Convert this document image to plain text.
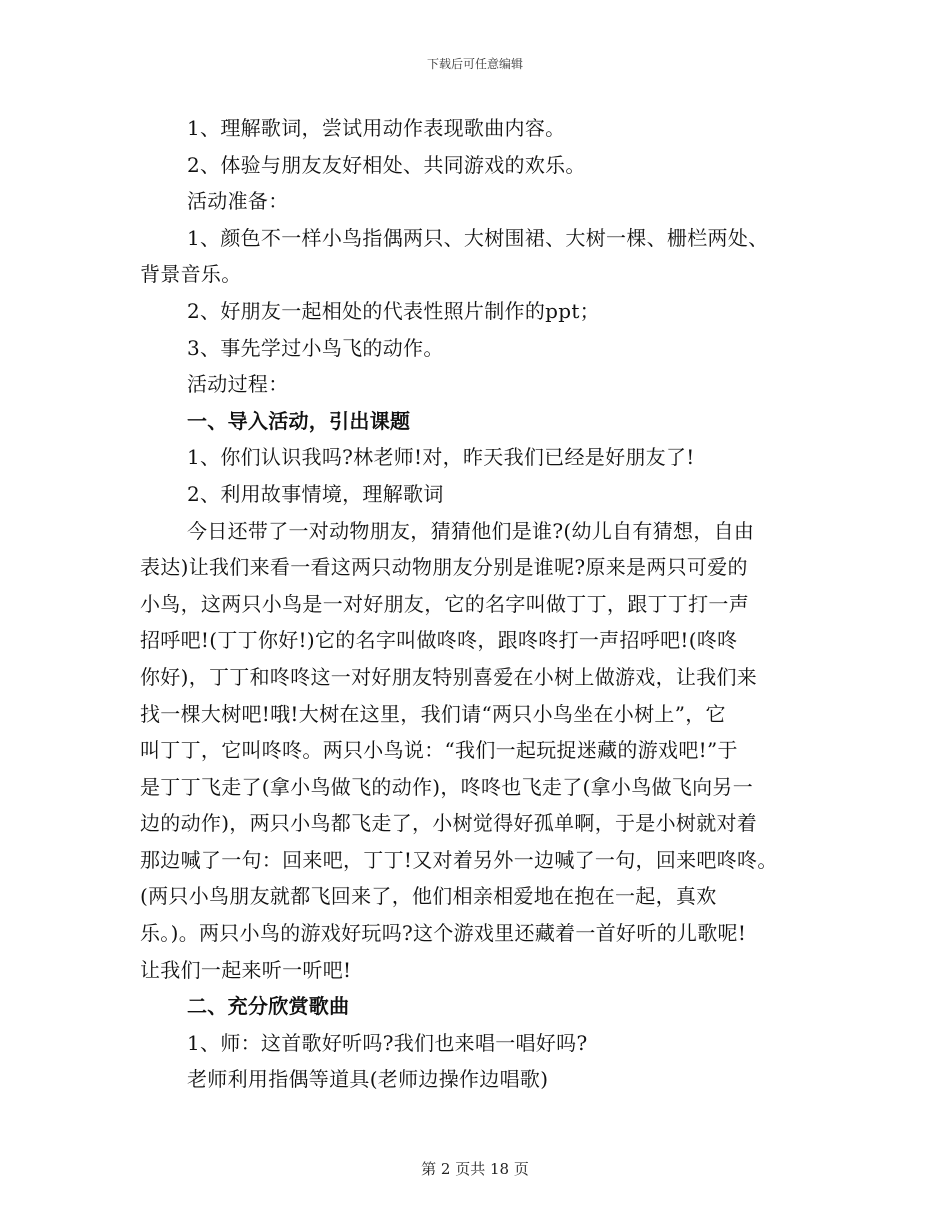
下载后可任意编辑

1、理解歌词，尝试用动作表现歌曲内容。

2、体验与朋友友好相处、共同游戏的欢乐。

活动准备：

1、颜色不一样小鸟指偶两只、大树围裙、大树一棵、栅栏两处、

背景音乐。

2、好朋友一起相处的代表性照片制作的ppt；

3、事先学过小鸟飞的动作。

活动过程：

一、导入活动，引出课题

1、你们认识我吗?林老师!对，昨天我们已经是好朋友了!

2、利用故事情境，理解歌词

今日还带了一对动物朋友，猜猜他们是谁?(幼儿自有猜想，自由

表达)让我们来看一看这两只动物朋友分别是谁呢?原来是两只可爱的

小鸟，这两只小鸟是一对好朋友，它的名字叫做丁丁，跟丁丁打一声

招呼吧!(丁丁你好!)它的名字叫做咚咚，跟咚咚打一声招呼吧!(咚咚

你好)，丁丁和咚咚这一对好朋友特别喜爱在小树上做游戏，让我们来

找一棵大树吧!哦!大树在这里，我们请“两只小鸟坐在小树上”，它

叫丁丁，它叫咚咚。两只小鸟说：“我们一起玩捉迷藏的游戏吧!”于

是丁丁飞走了(拿小鸟做飞的动作)，咚咚也飞走了(拿小鸟做飞向另一

边的动作)，两只小鸟都飞走了，小树觉得好孤单啊，于是小树就对着

那边喊了一句：回来吧，丁丁!又对着另外一边喊了一句，回来吧咚咚。

(两只小鸟朋友就都飞回来了，他们相亲相爱地在抱在一起，真欢

乐。)。两只小鸟的游戏好玩吗?这个游戏里还藏着一首好听的儿歌呢!

让我们一起来听一听吧!

二、充分欣赏歌曲

1、师：这首歌好听吗?我们也来唱一唱好吗?

老师利用指偶等道具(老师边操作边唱歌)

第 2 页共 18 页
